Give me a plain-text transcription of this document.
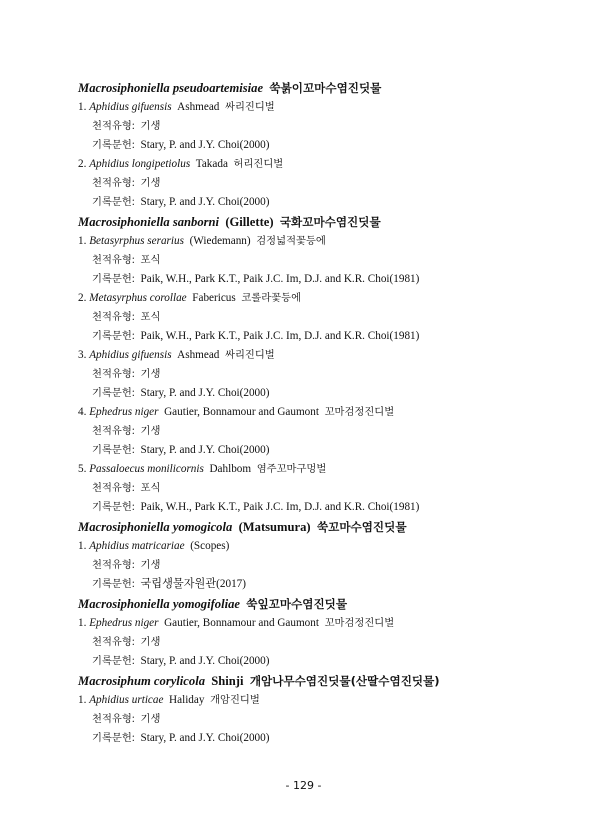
Macrosiphoniella pseudoartemisiae 쑥붉이꼬마수염진딧물
1. Aphidius gifuensis Ashmead 싸리진디벌
천적유형:  기생
기록문헌:  Stary, P. and J.Y. Choi(2000)
2. Aphidius longipetiolus Takada 허리진디벌
천적유형:  기생
기록문헌:  Stary, P. and J.Y. Choi(2000)
Macrosiphoniella sanborni (Gillette) 국화꼬마수염진딧물
1. Betasyrphus serarius (Wiedemann) 검정넓적꽃등에
천적유형:  포식
기록문헌:  Paik, W.H., Park K.T., Paik J.C. Im, D.J. and K.R. Choi(1981)
2. Metasyrphus corollae Fabericus 코롤라꽃등에
천적유형:  포식
기록문헌:  Paik, W.H., Park K.T., Paik J.C. Im, D.J. and K.R. Choi(1981)
3. Aphidius gifuensis Ashmead 싸리진디벌
천적유형:  기생
기록문헌:  Stary, P. and J.Y. Choi(2000)
4. Ephedrus niger Gautier, Bonnamour and Gaumont 꼬마검정진디벌
천적유형:  기생
기록문헌:  Stary, P. and J.Y. Choi(2000)
5. Passaloecus monilicornis Dahlbom 염주꼬마구멍벌
천적유형:  포식
기록문헌:  Paik, W.H., Park K.T., Paik J.C. Im, D.J. and K.R. Choi(1981)
Macrosiphoniella yomogicola (Matsumura) 쑥꼬마수염진딧물
1. Aphidius matricariae (Scopes)
천적유형:  기생
기록문헌:  국립생물자원관(2017)
Macrosiphoniella yomogifoliae 쑥잎꼬마수염진딧물
1. Ephedrus niger Gautier, Bonnamour and Gaumont 꼬마검정진디벌
천적유형:  기생
기록문헌:  Stary, P. and J.Y. Choi(2000)
Macrosiphum corylicola Shinji 개암나무수염진딧물(산딸수염진딧물)
1. Aphidius urticae Haliday 개암진디벌
천적유형:  기생
기록문헌:  Stary, P. and J.Y. Choi(2000)
- 129 -
